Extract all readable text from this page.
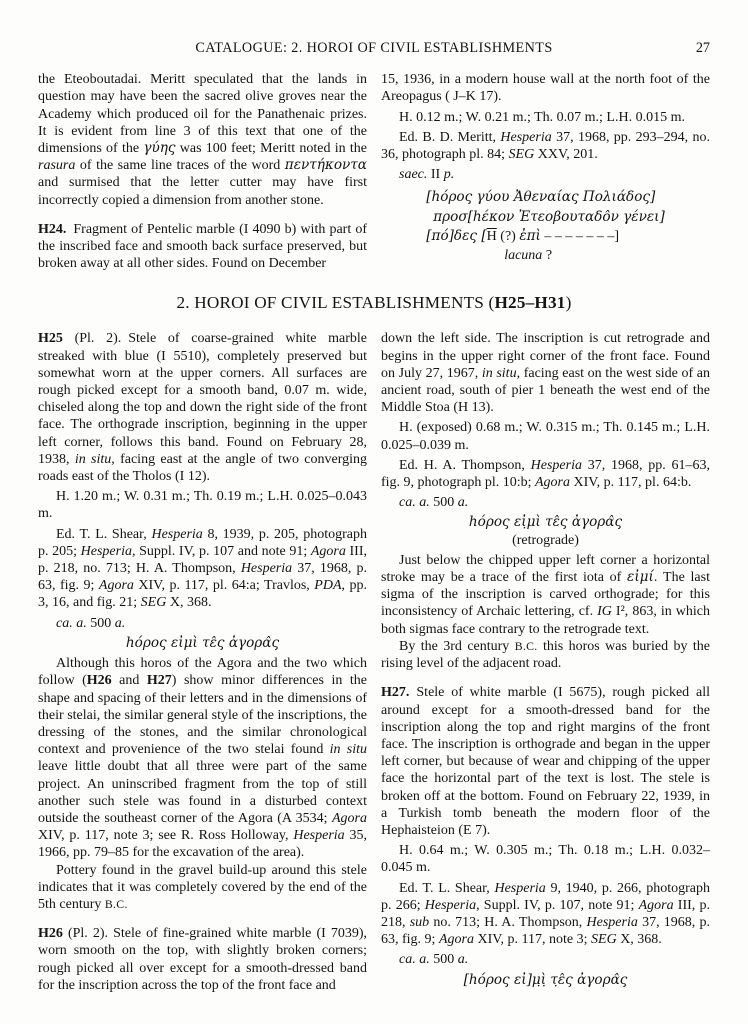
CATALOGUE: 2. HOROI OF CIVIL ESTABLISHMENTS	27
the Eteoboutadai. Meritt speculated that the lands in question may have been the sacred olive groves near the Academy which produced oil for the Panathenaic prizes. It is evident from line 3 of this text that one of the dimensions of the γύης was 100 feet; Meritt noted in the rasura of the same line traces of the word πεντήκοντα and surmised that the letter cutter may have first incorrectly copied a dimension from another stone.
H24. Fragment of Pentelic marble (I 4090 b) with part of the inscribed face and smooth back surface preserved, but broken away at all other sides. Found on December
15, 1936, in a modern house wall at the north foot of the Areopagus ( J–K 17).
H. 0.12 m.; W. 0.21 m.; Th. 0.07 m.; L.H. 0.015 m.
Ed. B. D. Meritt, Hesperia 37, 1968, pp. 293–294, no. 36, photograph pl. 84; SEG XXV, 201.
saec. II p.
[hόρος γύου Ἀθεναίας Πολιάδος]
προσ[hέκον Ἐτεοβουταδο̂ν γένει]
[πό]δες [$\overline{H}$ (?) ἐπὶ – – – – – – –]
lacuna ?
2. HOROI OF CIVIL ESTABLISHMENTS (H25–H31)
H25 (Pl. 2). Stele of coarse-grained white marble streaked with blue (I 5510), completely preserved but somewhat worn at the upper corners. All surfaces are rough picked except for a smooth band, 0.07 m. wide, chiseled along the top and down the right side of the front face. The orthograde inscription, beginning in the upper left corner, follows this band. Found on February 28, 1938, in situ, facing east at the angle of two converging roads east of the Tholos (I 12).
H. 1.20 m.; W. 0.31 m.; Th. 0.19 m.; L.H. 0.025–0.043 m.
Ed. T. L. Shear, Hesperia 8, 1939, p. 205, photograph p. 205; Hesperia, Suppl. IV, p. 107 and note 91; Agora III, p. 218, no. 713; H. A. Thompson, Hesperia 37, 1968, p. 63, fig. 9; Agora XIV, p. 117, pl. 64:a; Travlos, PDA, pp. 3, 16, and fig. 21; SEG X, 368.
ca. a. 500 a.
hόρος εἰμὶ τε̂ς ἀγορα̂ς
Although this horos of the Agora and the two which follow (H26 and H27) show minor differences in the shape and spacing of their letters and in the dimensions of their stelai, the similar general style of the inscriptions, the dressing of the stones, and the similar chronological context and provenience of the two stelai found in situ leave little doubt that all three were part of the same project. An uninscribed fragment from the top of still another such stele was found in a disturbed context outside the southeast corner of the Agora (A 3534; Agora XIV, p. 117, note 3; see R. Ross Holloway, Hesperia 35, 1966, pp. 79–85 for the excavation of the area).
Pottery found in the gravel build-up around this stele indicates that it was completely covered by the end of the 5th century B.C.
H26 (Pl. 2). Stele of fine-grained white marble (I 7039), worn smooth on the top, with slightly broken corners; rough picked all over except for a smooth-dressed band for the inscription across the top of the front face and
down the left side. The inscription is cut retrograde and begins in the upper right corner of the front face. Found on July 27, 1967, in situ, facing east on the west side of an ancient road, south of pier 1 beneath the west end of the Middle Stoa (H 13).
H. (exposed) 0.68 m.; W. 0.315 m.; Th. 0.145 m.; L.H. 0.025–0.039 m.
Ed. H. A. Thompson, Hesperia 37, 1968, pp. 61–63, fig. 9, photograph pl. 10:b; Agora XIV, p. 117, pl. 64:b.
ca. a. 500 a.
hόρος εἰ̣μὶ τε̂ς ἀγορα̂ς
(retrograde)
Just below the chipped upper left corner a horizontal stroke may be a trace of the first iota of εἰμί. The last sigma of the inscription is carved orthograde; for this inconsistency of Archaic lettering, cf. IG I², 863, in which both sigmas face contrary to the retrograde text.
By the 3rd century B.C. this horos was buried by the rising level of the adjacent road.
H27. Stele of white marble (I 5675), rough picked all around except for a smooth-dressed band for the inscription along the top and right margins of the front face. The inscription is orthograde and began in the upper left corner, but because of wear and chipping of the upper face the horizontal part of the text is lost. The stele is broken off at the bottom. Found on February 22, 1939, in a Turkish tomb beneath the modern floor of the Hephaisteion (E 7).
H. 0.64 m.; W. 0.305 m.; Th. 0.18 m.; L.H. 0.032–0.045 m.
Ed. T. L. Shear, Hesperia 9, 1940, p. 266, photograph p. 266; Hesperia, Suppl. IV, p. 107, note 91; Agora III, p. 218, sub no. 713; H. A. Thompson, Hesperia 37, 1968, p. 63, fig. 9; Agora XIV, p. 117, note 3; SEG X, 368.
ca. a. 500 a.
[hόρος εἰ]μ̣ὶ̣ τ̣ε̂ς ἀγορα̂ς
